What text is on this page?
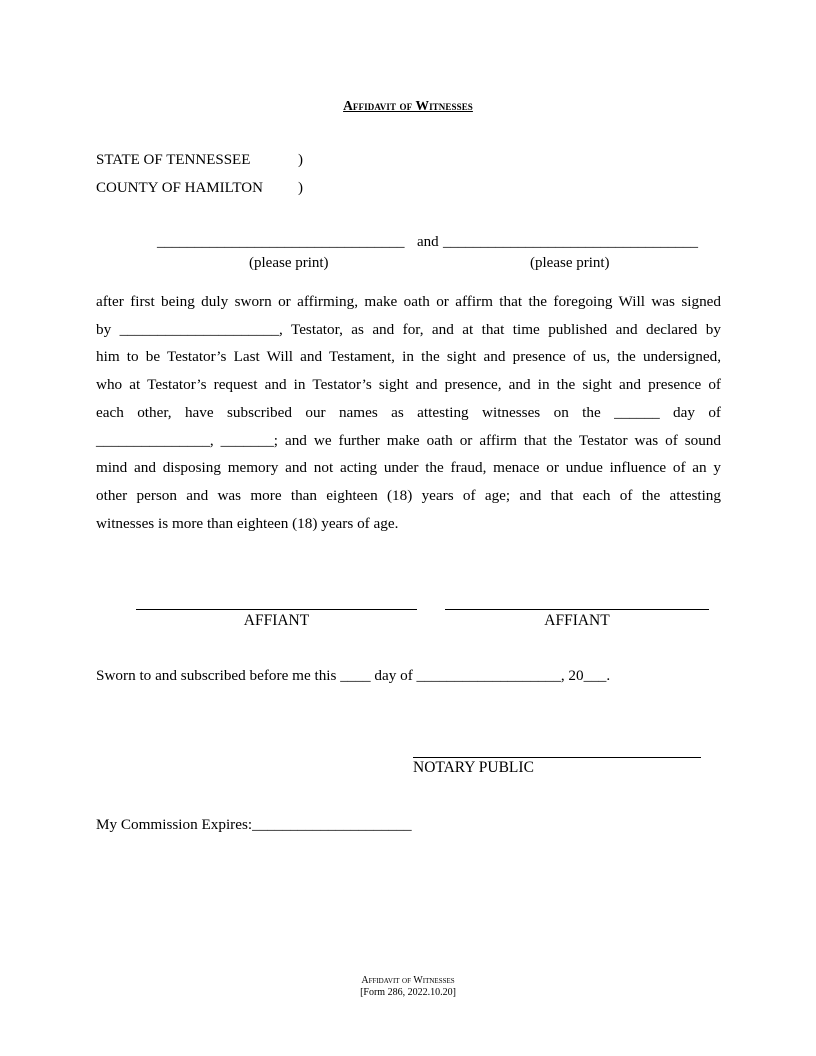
Affidavit of Witnesses
STATE OF TENNESSEE	)
COUNTY OF HAMILTON )
_________________________________ and __________________________________
(please print)	(please print)
after first being duly sworn or affirming, make oath or affirm that the foregoing Will was signed
by _____________________, Testator, as and for, and at that time published and declared by
him to be Testator’s Last Will and Testament, in the sight and presence of us, the undersigned,
who at Testator’s request and in Testator’s sight and presence, and in the sight and presence of
each other, have subscribed our names as attesting witnesses on the ______ day of
_______________, _______; and we further make oath or affirm that the Testator was of sound
mind and disposing memory and not acting under the fraud, menace or undue influence of an y
other person and was more than eighteen (18) years of age; and that each of the attesting
witnesses is more than eighteen (18) years of age.
AFFIANT	AFFIANT
Sworn to and subscribed before me this ____ day of ___________________, 20___.
NOTARY PUBLIC
My Commission Expires:_____________________
Affidavit of Witnesses
[Form 286, 2022.10.20]
